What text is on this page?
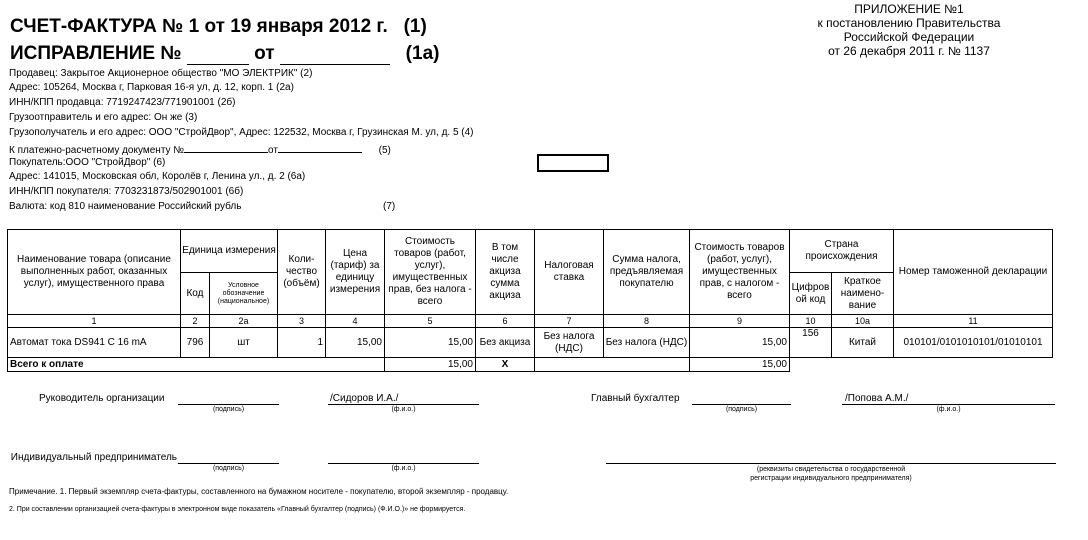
СЧЕТ-ФАКТУРА № 1 от 19 января 2012 г. (1)
ИСПРАВЛЕНИЕ №	от	(1а)
ПРИЛОЖЕНИЕ №1
к постановлению Правительства
Российской Федерации
от 26 декабря 2011 г. № 1137
Продавец: Закрытое Акционерное общество "МО ЭЛЕКТРИК" (2)
Адрес: 105264, Москва г, Парковая 16-я ул, д. 12, корп. 1 (2а)
ИНН/КПП продавца: 7719247423/771901001 (2б)
Грузоотправитель и его адрес: Он же (3)
Грузополучатель и его адрес: ООО "СтройДвор", Адрес: 122532, Москва г, Грузинская М. ул, д. 5 (4)
К платежно-расчетному документу №	от	(5)
Покупатель:ООО "СтройДвор" (6)
Адрес: 141015, Московская обл, Королёв г, Ленина ул., д. 2 (6а)
ИНН/КПП покупателя: 7703231873/502901001 (6б)
Валюта: код 810 наименование Российский рубль	(7)
Наименование товара (описание выполненных работ, оказанных услуг), имущественного права	Единица измерения		Коли-чество (объём)	Цена (тариф) за единицу измерения	Стоимость товаров (работ, услуг), имущественных прав, без налога - всего	В том числе акциза сумма акциза	Налоговая ставка	Сумма налога, предъявляемая покупателю	Стоимость товаров (работ, услуг), имущественных прав, с налогом - всего	Страна происхождения		Номер таможенной декларации
	Код	Условное обозначение (национальное)								Цифров ой код	Краткое наимено-вание	
1	2	2а	3	4	5	6	7	8	9	10	10а	11
Автомат тока DS941 C 16 mA	796	шт	1	15,00	15,00	Без акциза	Без налога (НДС)	Без налога (НДС)	15,00	156	Китай	010101/0101010101/01010101
Всего к оплате					15,00	X			15,00			
Руководитель организации
(подпись)
/Сидоров И.А./
(ф.и.о.)
Главный бухгалтер
(подпись)
/Попова А.М./
(ф.и.о.)
Индивидуальный предприниматель
(подпись)	(ф.и.о.)	(реквизиты свидетельства о государственной
регистрации индивидуального предпринимателя)
Примечание. 1. Первый экземпляр счета-фактуры, составленного на бумажном носителе - покупателю, второй экземпляр - продавцу.
2. При составлении организацией счета-фактуры в электронном виде показатель «Главный бухгалтер (подпись) (Ф.И.О.)» не формируется.
